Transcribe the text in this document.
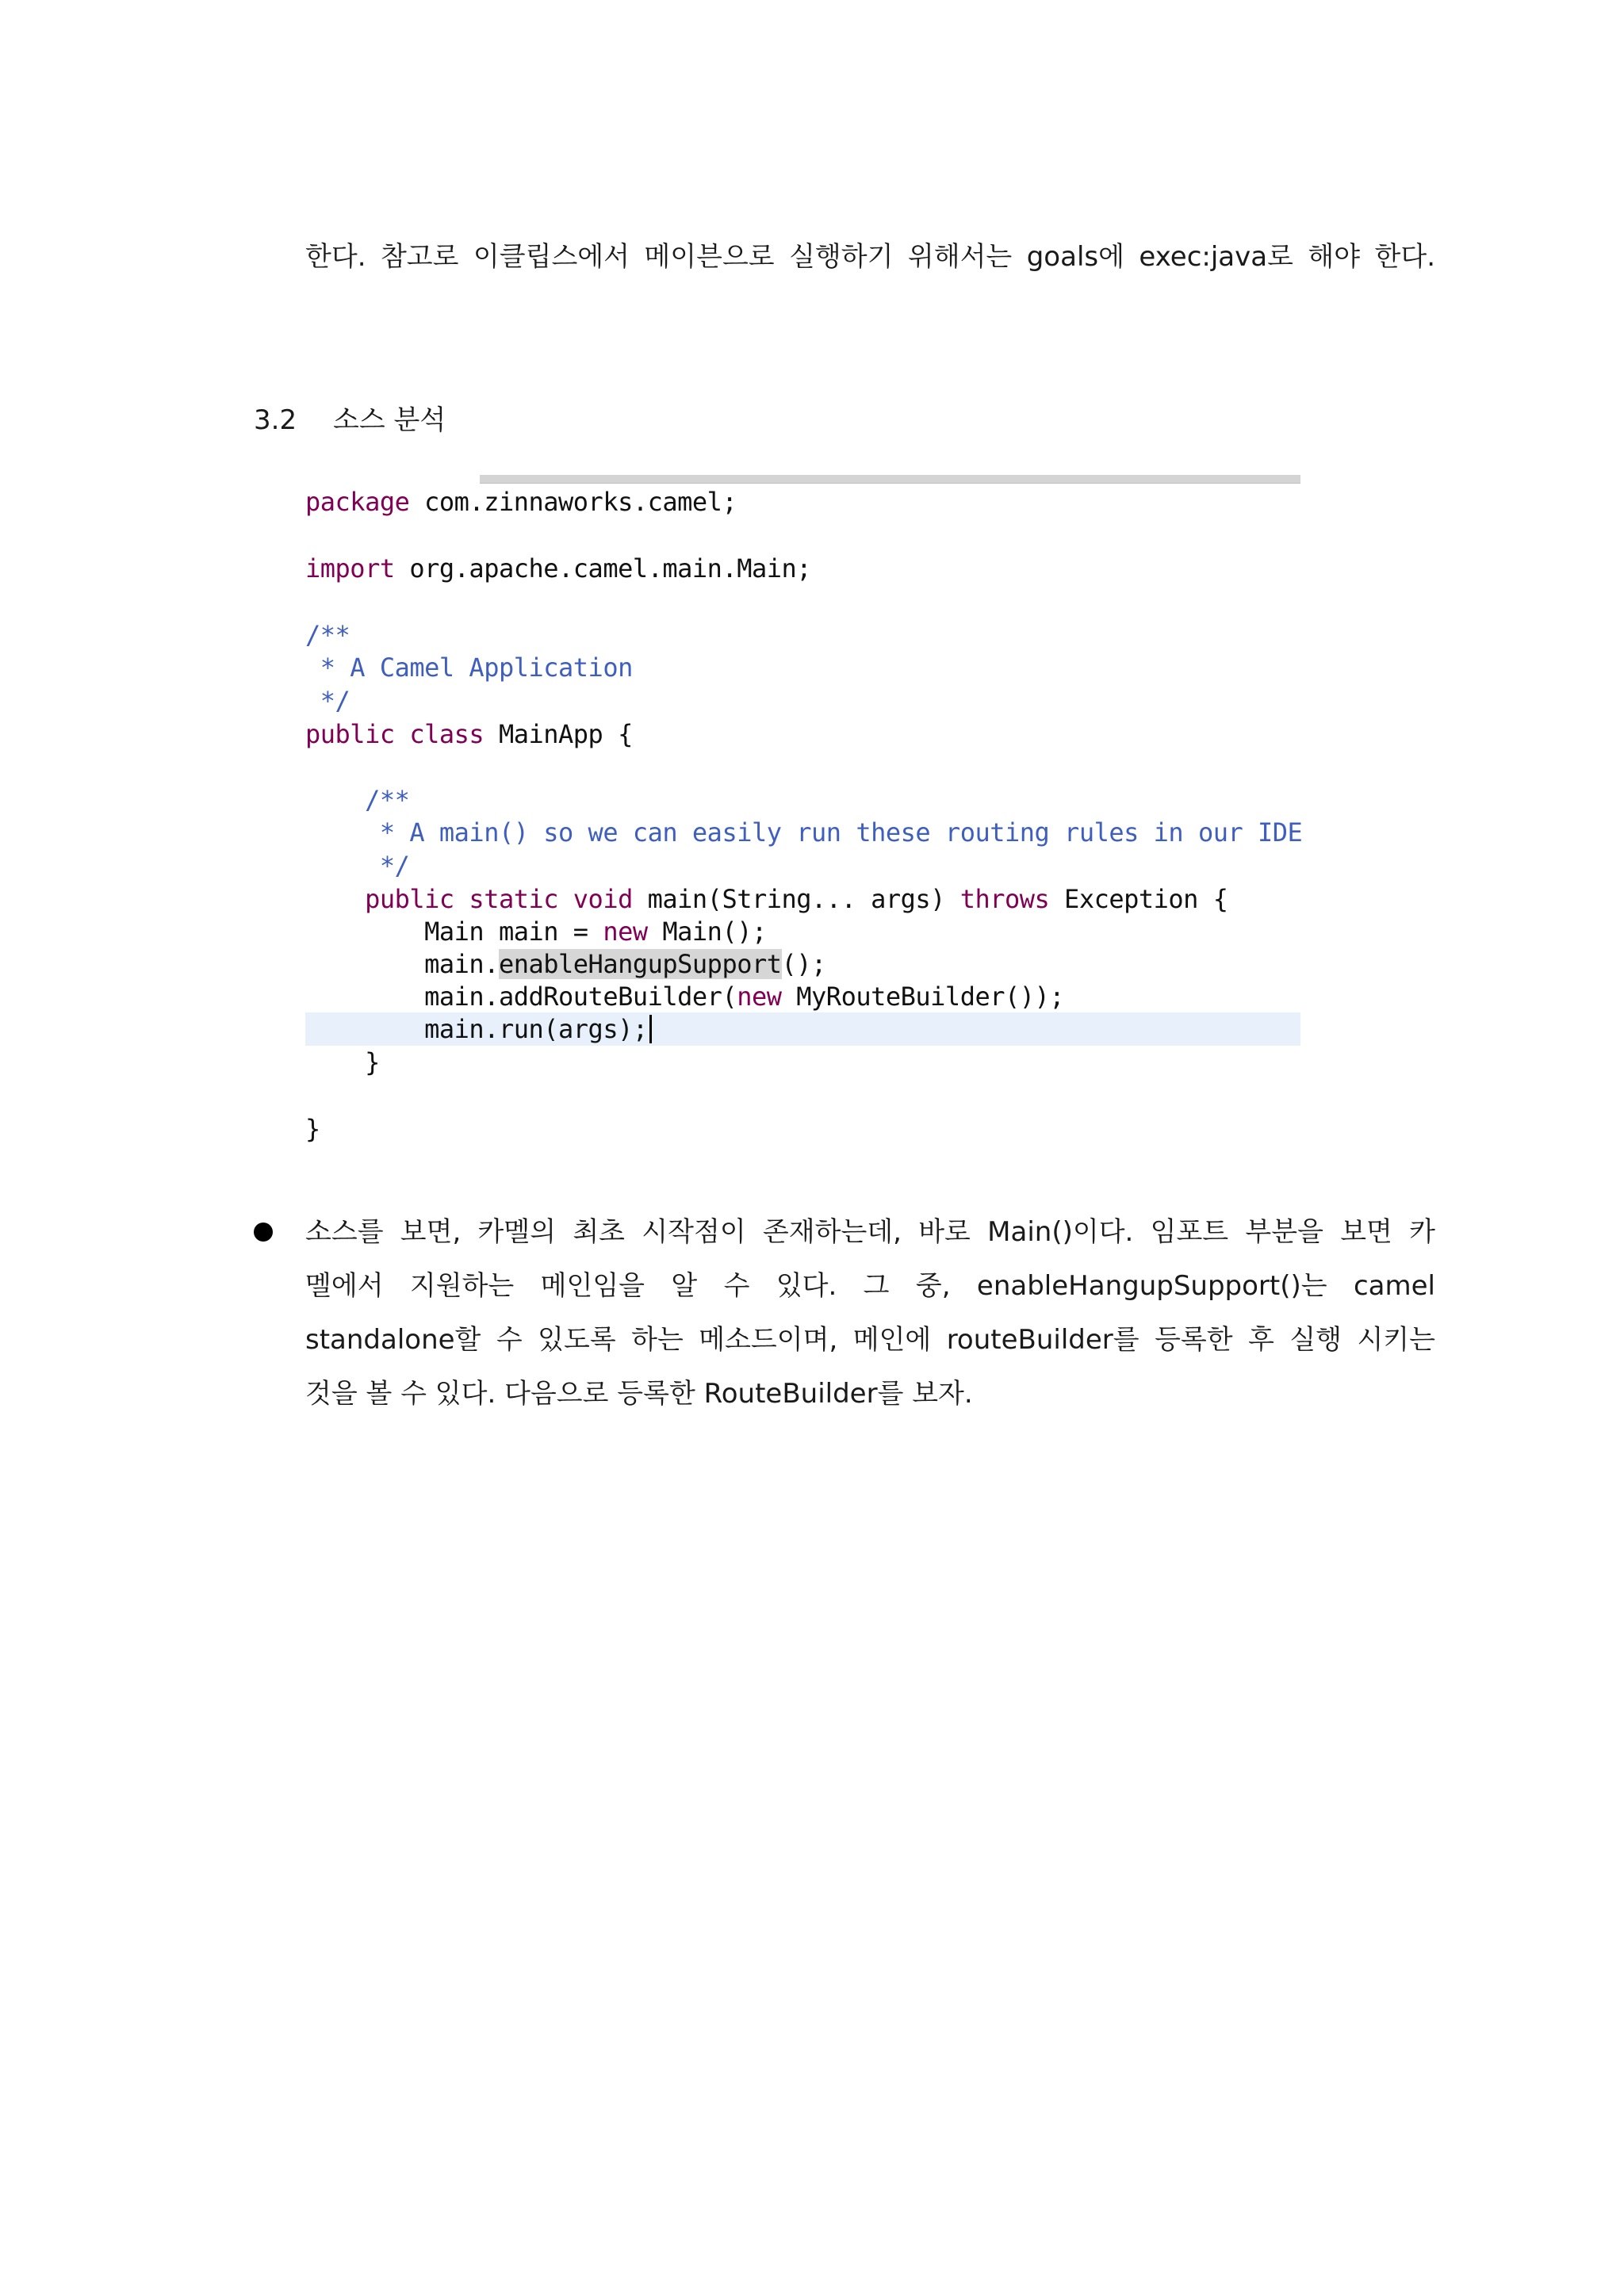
한다. 참고로 이클립스에서 메이븐으로 실행하기 위해서는 goals에 exec:java로 해야 한다.
3.2 소스 분석
package com.zinnaworks.camel;
import org.apache.camel.main.Main;
/**
* A Camel Application
*/
public class MainApp {
/**
* A main() so we can easily run these routing rules in our IDE
*/
public static void main(String... args) throws Exception {
Main main = new Main();
main.enableHangupSupport();
main.addRouteBuilder(new MyRouteBuilder());
main.run(args);
}
}
소스를 보면, 카멜의 최초 시작점이 존재하는데, 바로 Main()이다. 임포트 부분을 보면 카
멜에서 지원하는 메인임을 알 수 있다. 그 중, enableHangupSupport()는 camel
standalone할 수 있도록 하는 메소드이며, 메인에 routeBuilder를 등록한 후 실행 시키는
것을 볼 수 있다. 다음으로 등록한 RouteBuilder를 보자.
